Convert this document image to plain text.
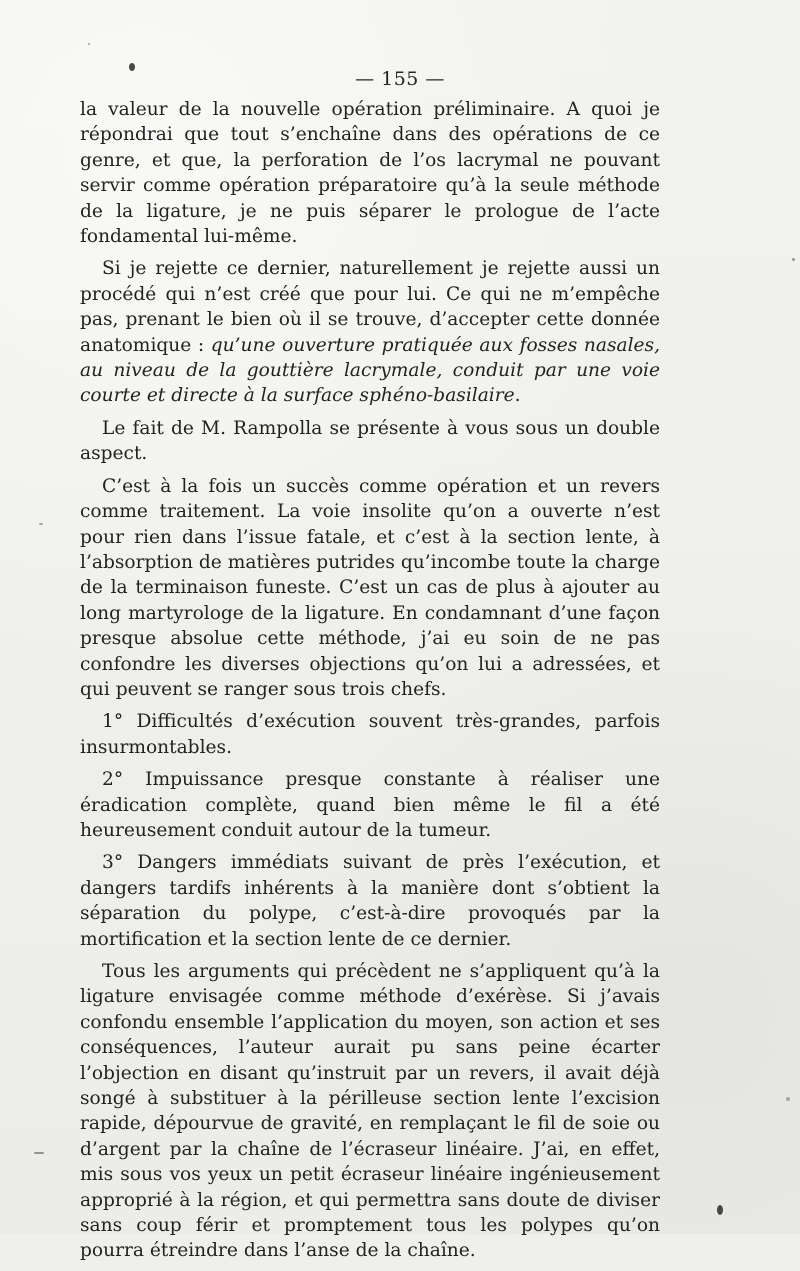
— 155 —

la valeur de la nouvelle opération préliminaire. A quoi je répondrai que tout s’enchaîne dans des opérations de ce genre, et que, la perforation de l’os lacrymal ne pouvant servir comme opération préparatoire qu’à la seule méthode de la ligature, je ne puis séparer le prologue de l’acte fondamental lui-même.

Si je rejette ce dernier, naturellement je rejette aussi un procédé qui n’est créé que pour lui. Ce qui ne m’empêche pas, prenant le bien où il se trouve, d’accepter cette donnée anatomique : qu’une ouverture pratiquée aux fosses nasales, au niveau de la gouttière lacrymale, conduit par une voie courte et directe à la surface sphéno-basilaire.

Le fait de M. Rampolla se présente à vous sous un double aspect.

C’est à la fois un succès comme opération et un revers comme traitement. La voie insolite qu’on a ouverte n’est pour rien dans l’issue fatale, et c’est à la section lente, à l’absorption de matières putrides qu’incombe toute la charge de la terminaison funeste. C’est un cas de plus à ajouter au long martyrologe de la ligature. En condamnant d’une façon presque absolue cette méthode, j’ai eu soin de ne pas confondre les diverses objections qu’on lui a adressées, et qui peuvent se ranger sous trois chefs.

1° Difficultés d’exécution souvent très-grandes, parfois insurmontables.

2° Impuissance presque constante à réaliser une éradication complète, quand bien même le fil a été heureusement conduit autour de la tumeur.

3° Dangers immédiats suivant de près l’exécution, et dangers tardifs inhérents à la manière dont s’obtient la séparation du polype, c’est-à-dire provoqués par la mortification et la section lente de ce dernier.

Tous les arguments qui précèdent ne s’appliquent qu’à la ligature envisagée comme méthode d’exérèse. Si j’avais confondu ensemble l’application du moyen, son action et ses conséquences, l’auteur aurait pu sans peine écarter l’objection en disant qu’instruit par un revers, il avait déjà songé à substituer à la périlleuse section lente l’excision rapide, dépourvue de gravité, en remplaçant le fil de soie ou d’argent par la chaîne de l’écraseur linéaire. J’ai, en effet, mis sous vos yeux un petit écraseur linéaire ingénieusement approprié à la région, et qui permettra sans doute de diviser sans coup férir et promptement tous les polypes qu’on pourra étreindre dans l’anse de la chaîne.
